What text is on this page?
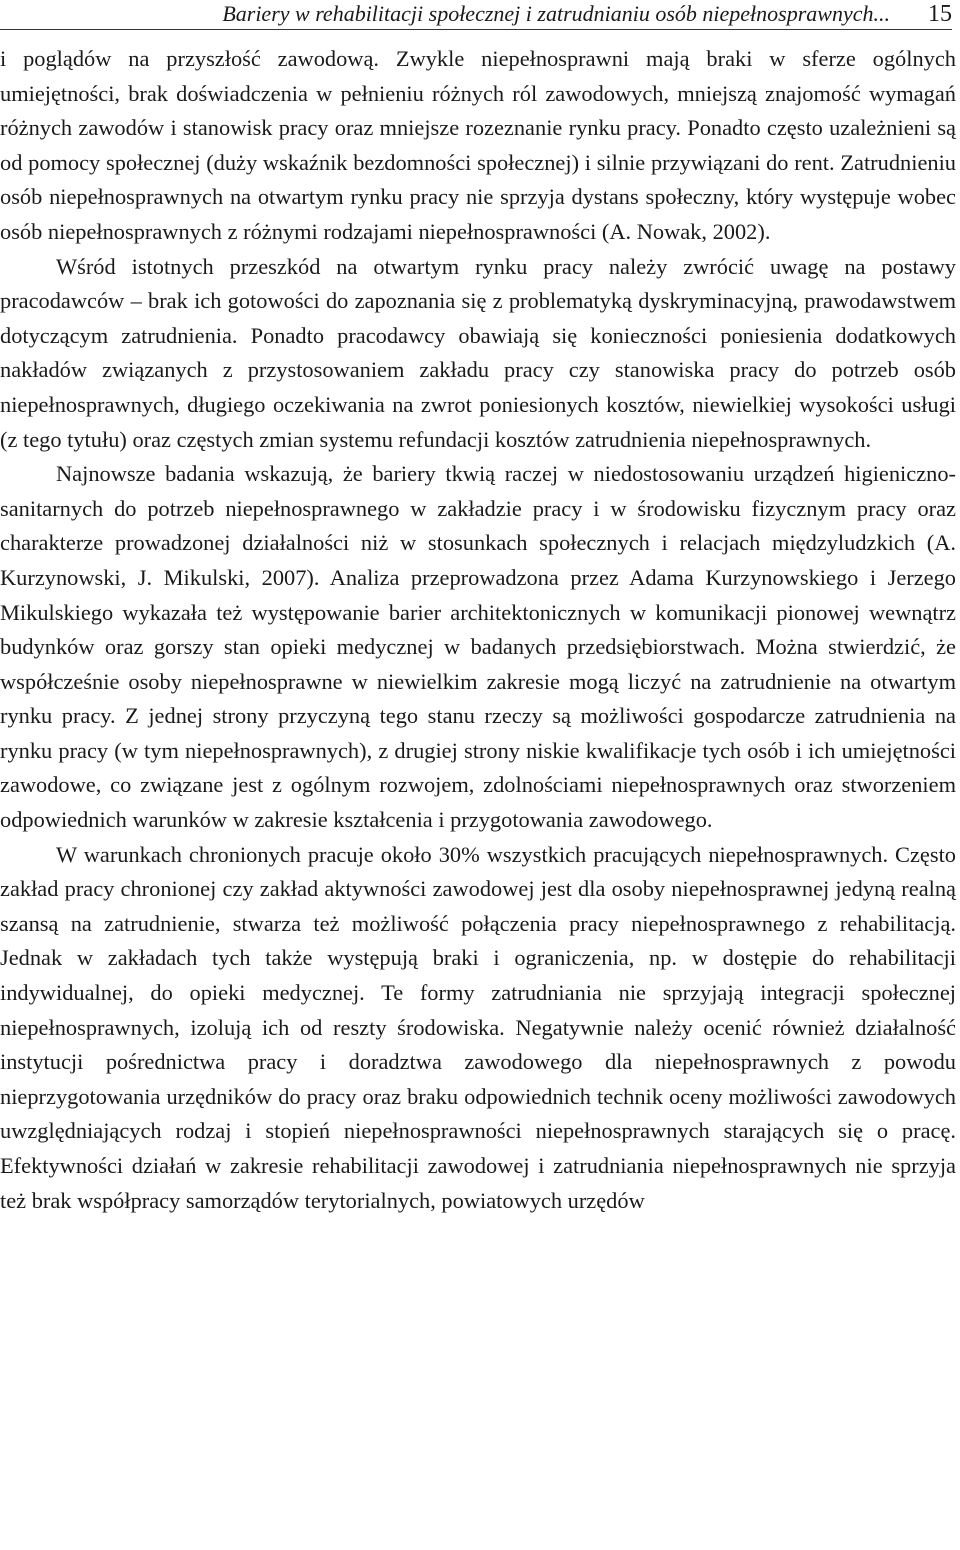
Bariery w rehabilitacji społecznej i zatrudnianiu osób niepełnosprawnych... 15

i poglądów na przyszłość zawodową. Zwykle niepełnosprawni mają braki w sferze ogólnych umiejętności, brak doświadczenia w pełnieniu różnych ról zawodowych, mniejszą znajomość wymagań różnych zawodów i stanowisk pracy oraz mniejsze rozeznanie rynku pracy. Ponadto często uzależnieni są od pomocy społecznej (duży wskaźnik bezdomności społecznej) i silnie przywiązani do rent. Zatrudnieniu osób niepełnosprawnych na otwartym rynku pracy nie sprzyja dystans społeczny, który występuje wobec osób niepełnosprawnych z różnymi rodzajami niepełnosprawności (A. Nowak, 2002).

Wśród istotnych przeszkód na otwartym rynku pracy należy zwrócić uwagę na postawy pracodawców – brak ich gotowości do zapoznania się z problematyką dyskryminacyjną, prawodawstwem dotyczącym zatrudnienia. Ponadto pracodawcy obawiają się konieczności poniesienia dodatkowych nakładów związanych z przystosowaniem zakładu pracy czy stanowiska pracy do potrzeb osób niepełnosprawnych, długiego oczekiwania na zwrot poniesionych kosztów, niewielkiej wysokości usługi (z tego tytułu) oraz częstych zmian systemu refundacji kosztów zatrudnienia niepełnosprawnych.

Najnowsze badania wskazują, że bariery tkwią raczej w niedostosowaniu urządzeń higieniczno-sanitarnych do potrzeb niepełnosprawnego w zakładzie pracy i w środowisku fizycznym pracy oraz charakterze prowadzonej działalności niż w stosunkach społecznych i relacjach międzyludzkich (A. Kurzynowski, J. Mikulski, 2007). Analiza przeprowadzona przez Adama Kurzynowskiego i Jerzego Mikulskiego wykazała też występowanie barier architektonicznych w komunikacji pionowej wewnątrz budynków oraz gorszy stan opieki medycznej w badanych przedsiębiorstwach. Można stwierdzić, że współcześnie osoby niepełnosprawne w niewielkim zakresie mogą liczyć na zatrudnienie na otwartym rynku pracy. Z jednej strony przyczyną tego stanu rzeczy są możliwości gospodarcze zatrudnienia na rynku pracy (w tym niepełnosprawnych), z drugiej strony niskie kwalifikacje tych osób i ich umiejętności zawodowe, co związane jest z ogólnym rozwojem, zdolnościami niepełnosprawnych oraz stworzeniem odpowiednich warunków w zakresie kształcenia i przygotowania zawodowego.

W warunkach chronionych pracuje około 30% wszystkich pracujących niepełnosprawnych. Często zakład pracy chronionej czy zakład aktywności zawodowej jest dla osoby niepełnosprawnej jedyną realną szansą na zatrudnienie, stwarza też możliwość połączenia pracy niepełnosprawnego z rehabilitacją. Jednak w zakładach tych także występują braki i ograniczenia, np. w dostępie do rehabilitacji indywidualnej, do opieki medycznej. Te formy zatrudniania nie sprzyjają integracji społecznej niepełnosprawnych, izolują ich od reszty środowiska. Negatywnie należy ocenić również działalność instytucji pośrednictwa pracy i doradztwa zawodowego dla niepełnosprawnych z powodu nieprzygotowania urzędników do pracy oraz braku odpowiednich technik oceny możliwości zawodowych uwzględniających rodzaj i stopień niepełnosprawności niepełnosprawnych starających się o pracę. Efektywności działań w zakresie rehabilitacji zawodowej i zatrudniania niepełnosprawnych nie sprzyja też brak współpracy samorządów terytorialnych, powiatowych urzędów
